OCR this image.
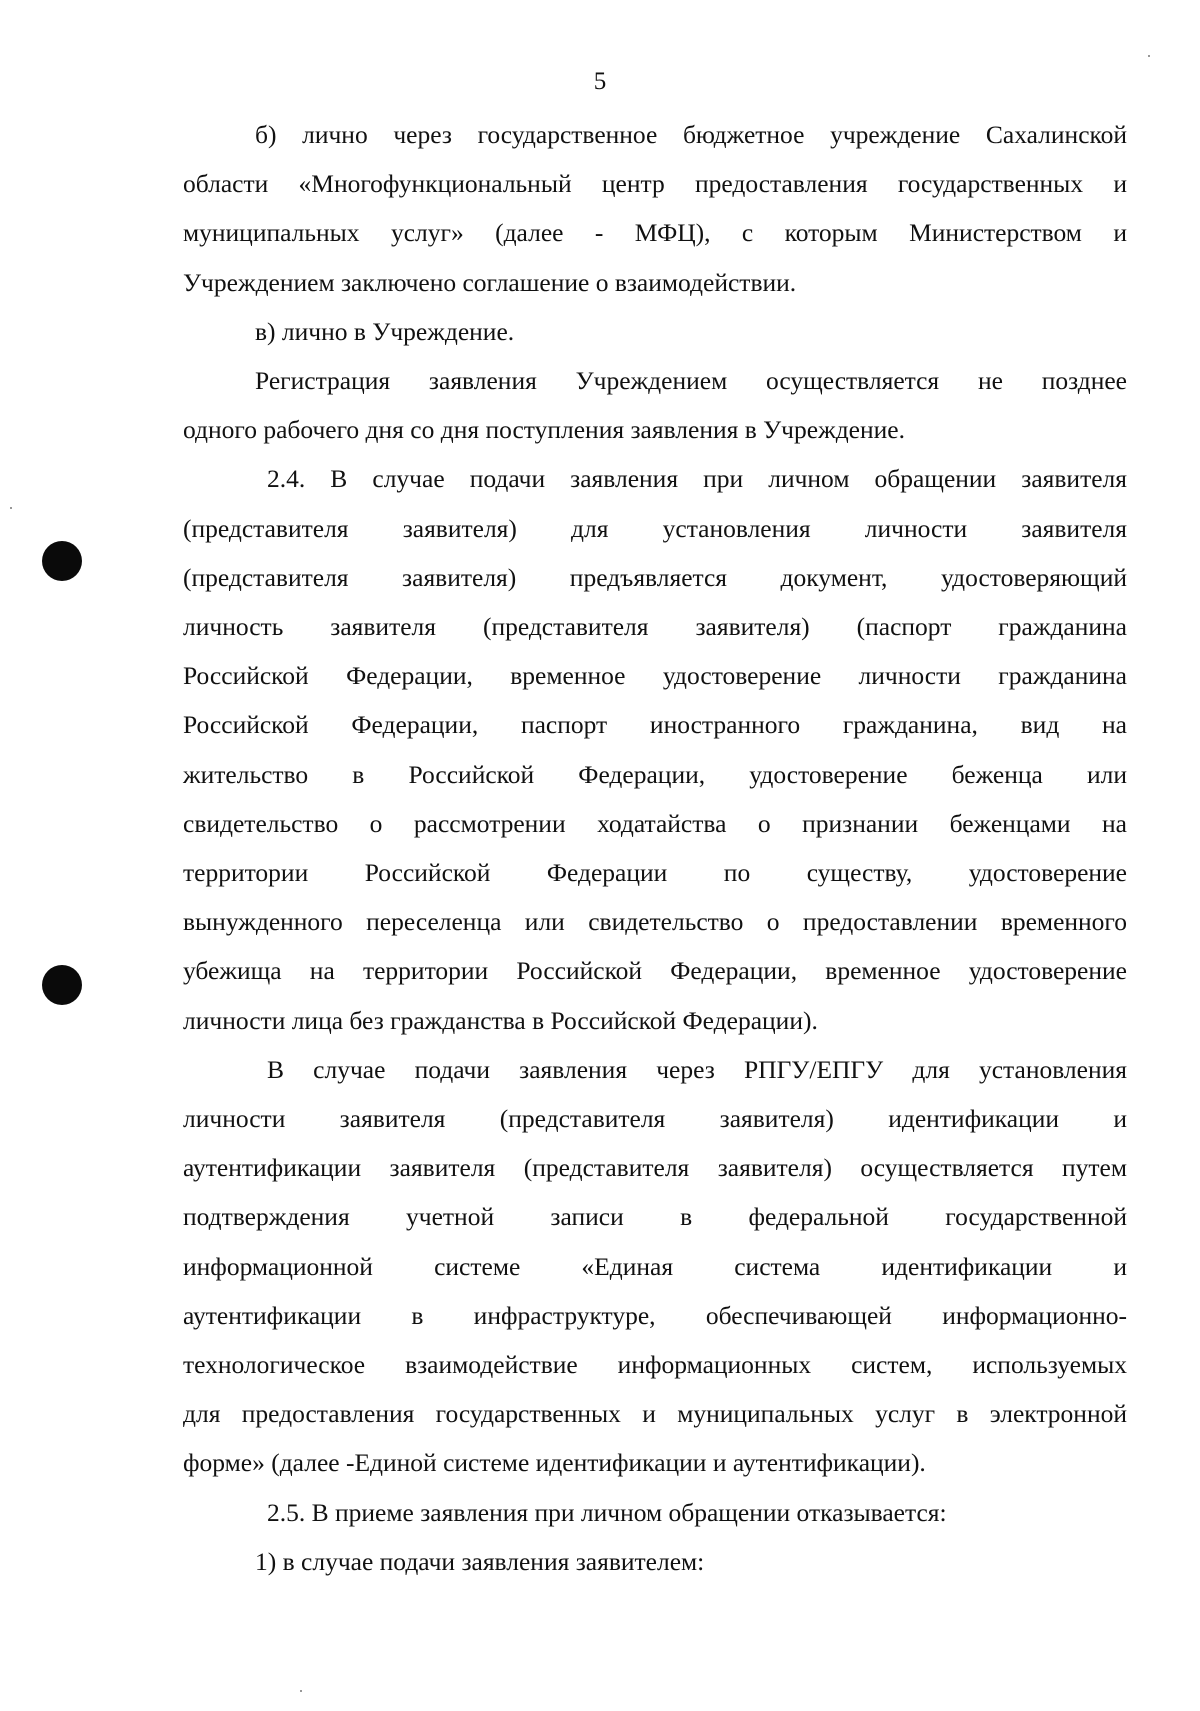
5
б) лично через государственное бюджетное учреждение Сахалинской
области «Многофункциональный центр предоставления государственных и
муниципальных услуг» (далее - МФЦ), с которым Министерством и
Учреждением заключено соглашение о взаимодействии.

в) лично в Учреждение.

Регистрация заявления Учреждением осуществляется не позднее
одного рабочего дня со дня поступления заявления в Учреждение.
2.4. В случае подачи заявления при личном обращении заявителя
(представителя заявителя) для установления личности заявителя
(представителя заявителя) предъявляется документ, удостоверяющий
личность заявителя (представителя заявителя) (паспорт гражданина
Российской Федерации, временное удостоверение личности гражданина
Российской Федерации, паспорт иностранного гражданина, вид на
жительство в Российской Федерации, удостоверение беженца или
свидетельство о рассмотрении ходатайства о признании беженцами на
территории Российской Федерации по существу, удостоверение
вынужденного переселенца или свидетельство о предоставлении временного
убежища на территории Российской Федерации, временное удостоверение
личности лица без гражданства в Российской Федерации).
В случае подачи заявления через РПГУ/ЕПГУ для установления
личности заявителя (представителя заявителя) идентификации и
аутентификации заявителя (представителя заявителя) осуществляется путем
подтверждения учетной записи в федеральной государственной
информационной системе «Единая система идентификации и
аутентификации в инфраструктуре, обеспечивающей информационно-
технологическое взаимодействие информационных систем, используемых
для предоставления государственных и муниципальных услуг в электронной
форме» (далее -Единой системе идентификации и аутентификации).

2.5. В приеме заявления при личном обращении отказывается:

1) в случае подачи заявления заявителем:
